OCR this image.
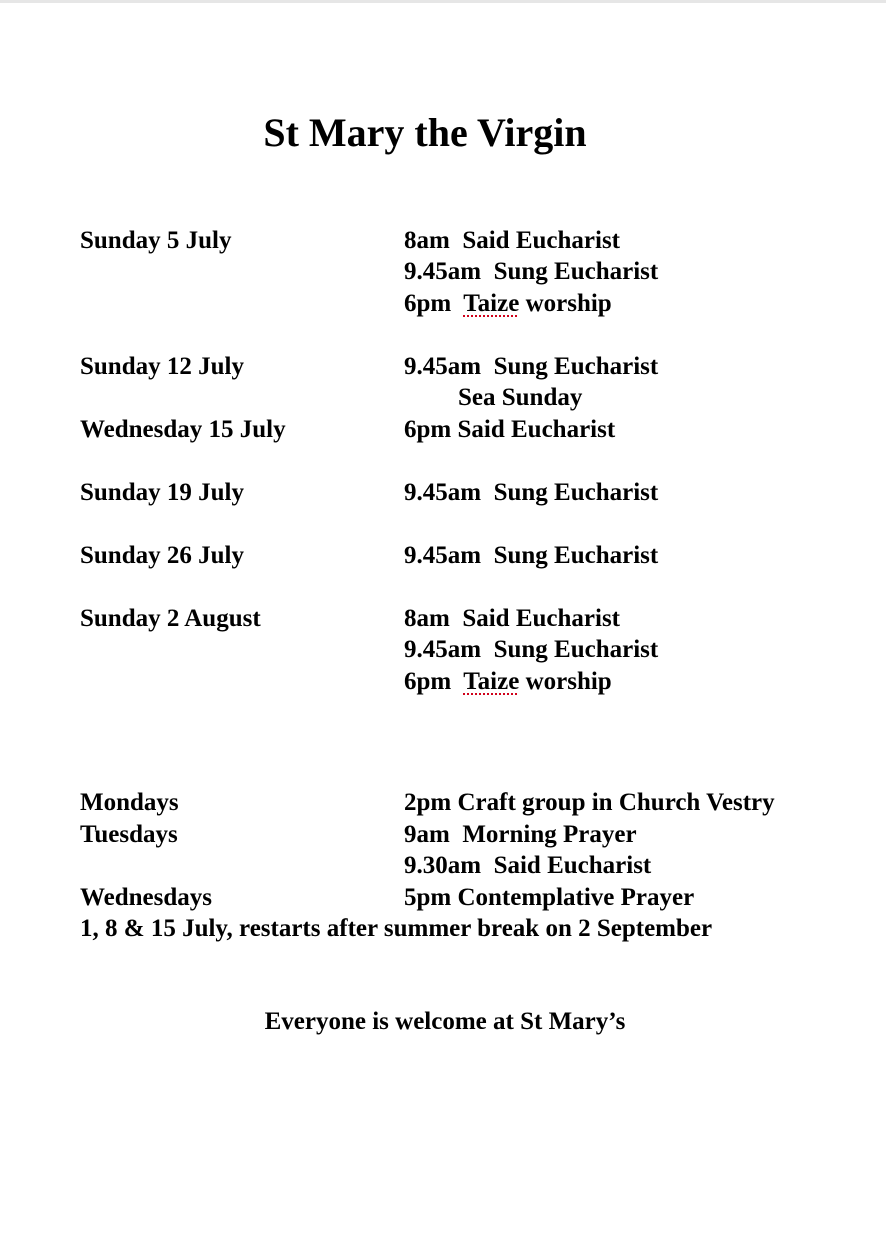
St Mary the Virgin
Sunday 5 July	8am Said Eucharist
9.45am Sung Eucharist
6pm Taize worship
Sunday 12 July	9.45am Sung Eucharist
Sea Sunday
Wednesday 15 July	6pm Said Eucharist
Sunday 19 July	9.45am Sung Eucharist
Sunday 26 July	9.45am Sung Eucharist
Sunday 2 August	8am Said Eucharist
9.45am Sung Eucharist
6pm Taize worship
Mondays	2pm Craft group in Church Vestry
Tuesdays	9am  Morning Prayer
9.30am  Said Eucharist
Wednesdays	5pm Contemplative Prayer
1, 8 & 15 July, restarts after summer break on 2 September
Everyone is welcome at St Mary’s
